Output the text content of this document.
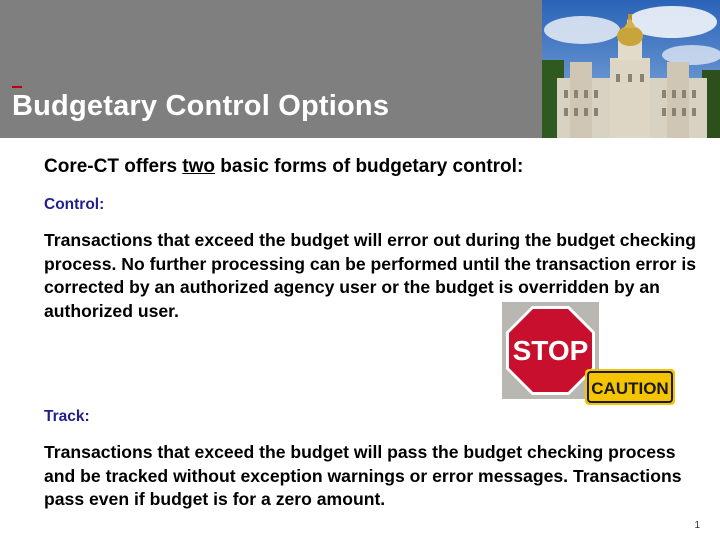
Budgetary Control Options
Core-CT offers two basic forms of budgetary control:
Control:
Transactions that exceed the budget will error out during the budget checking process. No further processing can be performed until the transaction error is corrected by an authorized agency user or the budget is overridden by an authorized user.
STOP
CAUTION
Track:
Transactions that exceed the budget will pass the budget checking process and be tracked without exception warnings or error messages. Transactions pass even if budget is for a zero amount.
1
